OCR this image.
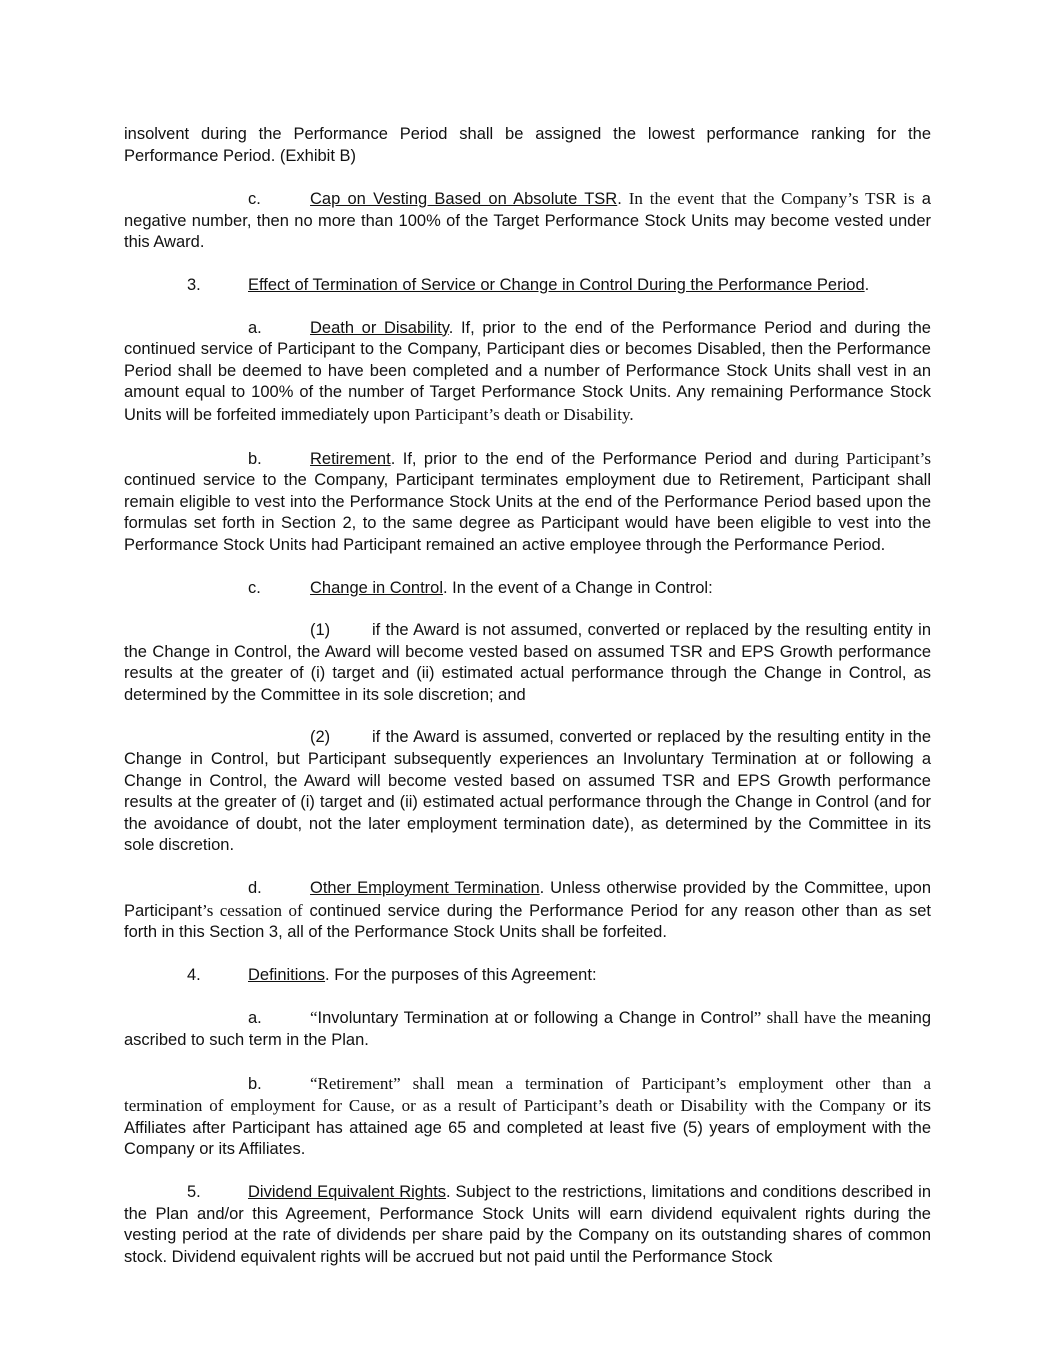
insolvent during the Performance Period shall be assigned the lowest performance ranking for the Performance Period. (Exhibit B)

c.	Cap on Vesting Based on Absolute TSR. In the event that the Company’s TSR is a negative number, then no more than 100% of the Target Performance Stock Units may become vested under this Award.

3.	Effect of Termination of Service or Change in Control During the Performance Period.

a.	Death or Disability. If, prior to the end of the Performance Period and during the continued service of Participant to the Company, Participant dies or becomes Disabled, then the Performance Period shall be deemed to have been completed and a number of Performance Stock Units shall vest in an amount equal to 100% of the number of Target Performance Stock Units. Any remaining Performance Stock Units will be forfeited immediately upon Participant’s death or Disability.

b.	Retirement. If, prior to the end of the Performance Period and during Participant’s continued service to the Company, Participant terminates employment due to Retirement, Participant shall remain eligible to vest into the Performance Stock Units at the end of the Performance Period based upon the formulas set forth in Section 2, to the same degree as Participant would have been eligible to vest into the Performance Stock Units had Participant remained an active employee through the Performance Period.

c.	Change in Control. In the event of a Change in Control:

(1)	if the Award is not assumed, converted or replaced by the resulting entity in the Change in Control, the Award will become vested based on assumed TSR and EPS Growth performance results at the greater of (i) target and (ii) estimated actual performance through the Change in Control, as determined by the Committee in its sole discretion; and

(2)	if the Award is assumed, converted or replaced by the resulting entity in the Change in Control, but Participant subsequently experiences an Involuntary Termination at or following a Change in Control, the Award will become vested based on assumed TSR and EPS Growth performance results at the greater of (i) target and (ii) estimated actual performance through the Change in Control (and for the avoidance of doubt, not the later employment termination date), as determined by the Committee in its sole discretion.

d.	Other Employment Termination. Unless otherwise provided by the Committee, upon Participant’s cessation of continued service during the Performance Period for any reason other than as set forth in this Section 3, all of the Performance Stock Units shall be forfeited.

4.	Definitions. For the purposes of this Agreement:

a.	“Involuntary Termination at or following a Change in Control” shall have the meaning ascribed to such term in the Plan.

b.	“Retirement” shall mean a termination of Participant’s employment other than a termination of employment for Cause, or as a result of Participant’s death or Disability with the Company or its Affiliates after Participant has attained age 65 and completed at least five (5) years of employment with the Company or its Affiliates.

5.	Dividend Equivalent Rights. Subject to the restrictions, limitations and conditions described in the Plan and/or this Agreement, Performance Stock Units will earn dividend equivalent rights during the vesting period at the rate of dividends per share paid by the Company on its outstanding shares of common stock. Dividend equivalent rights will be accrued but not paid until the Performance Stock
